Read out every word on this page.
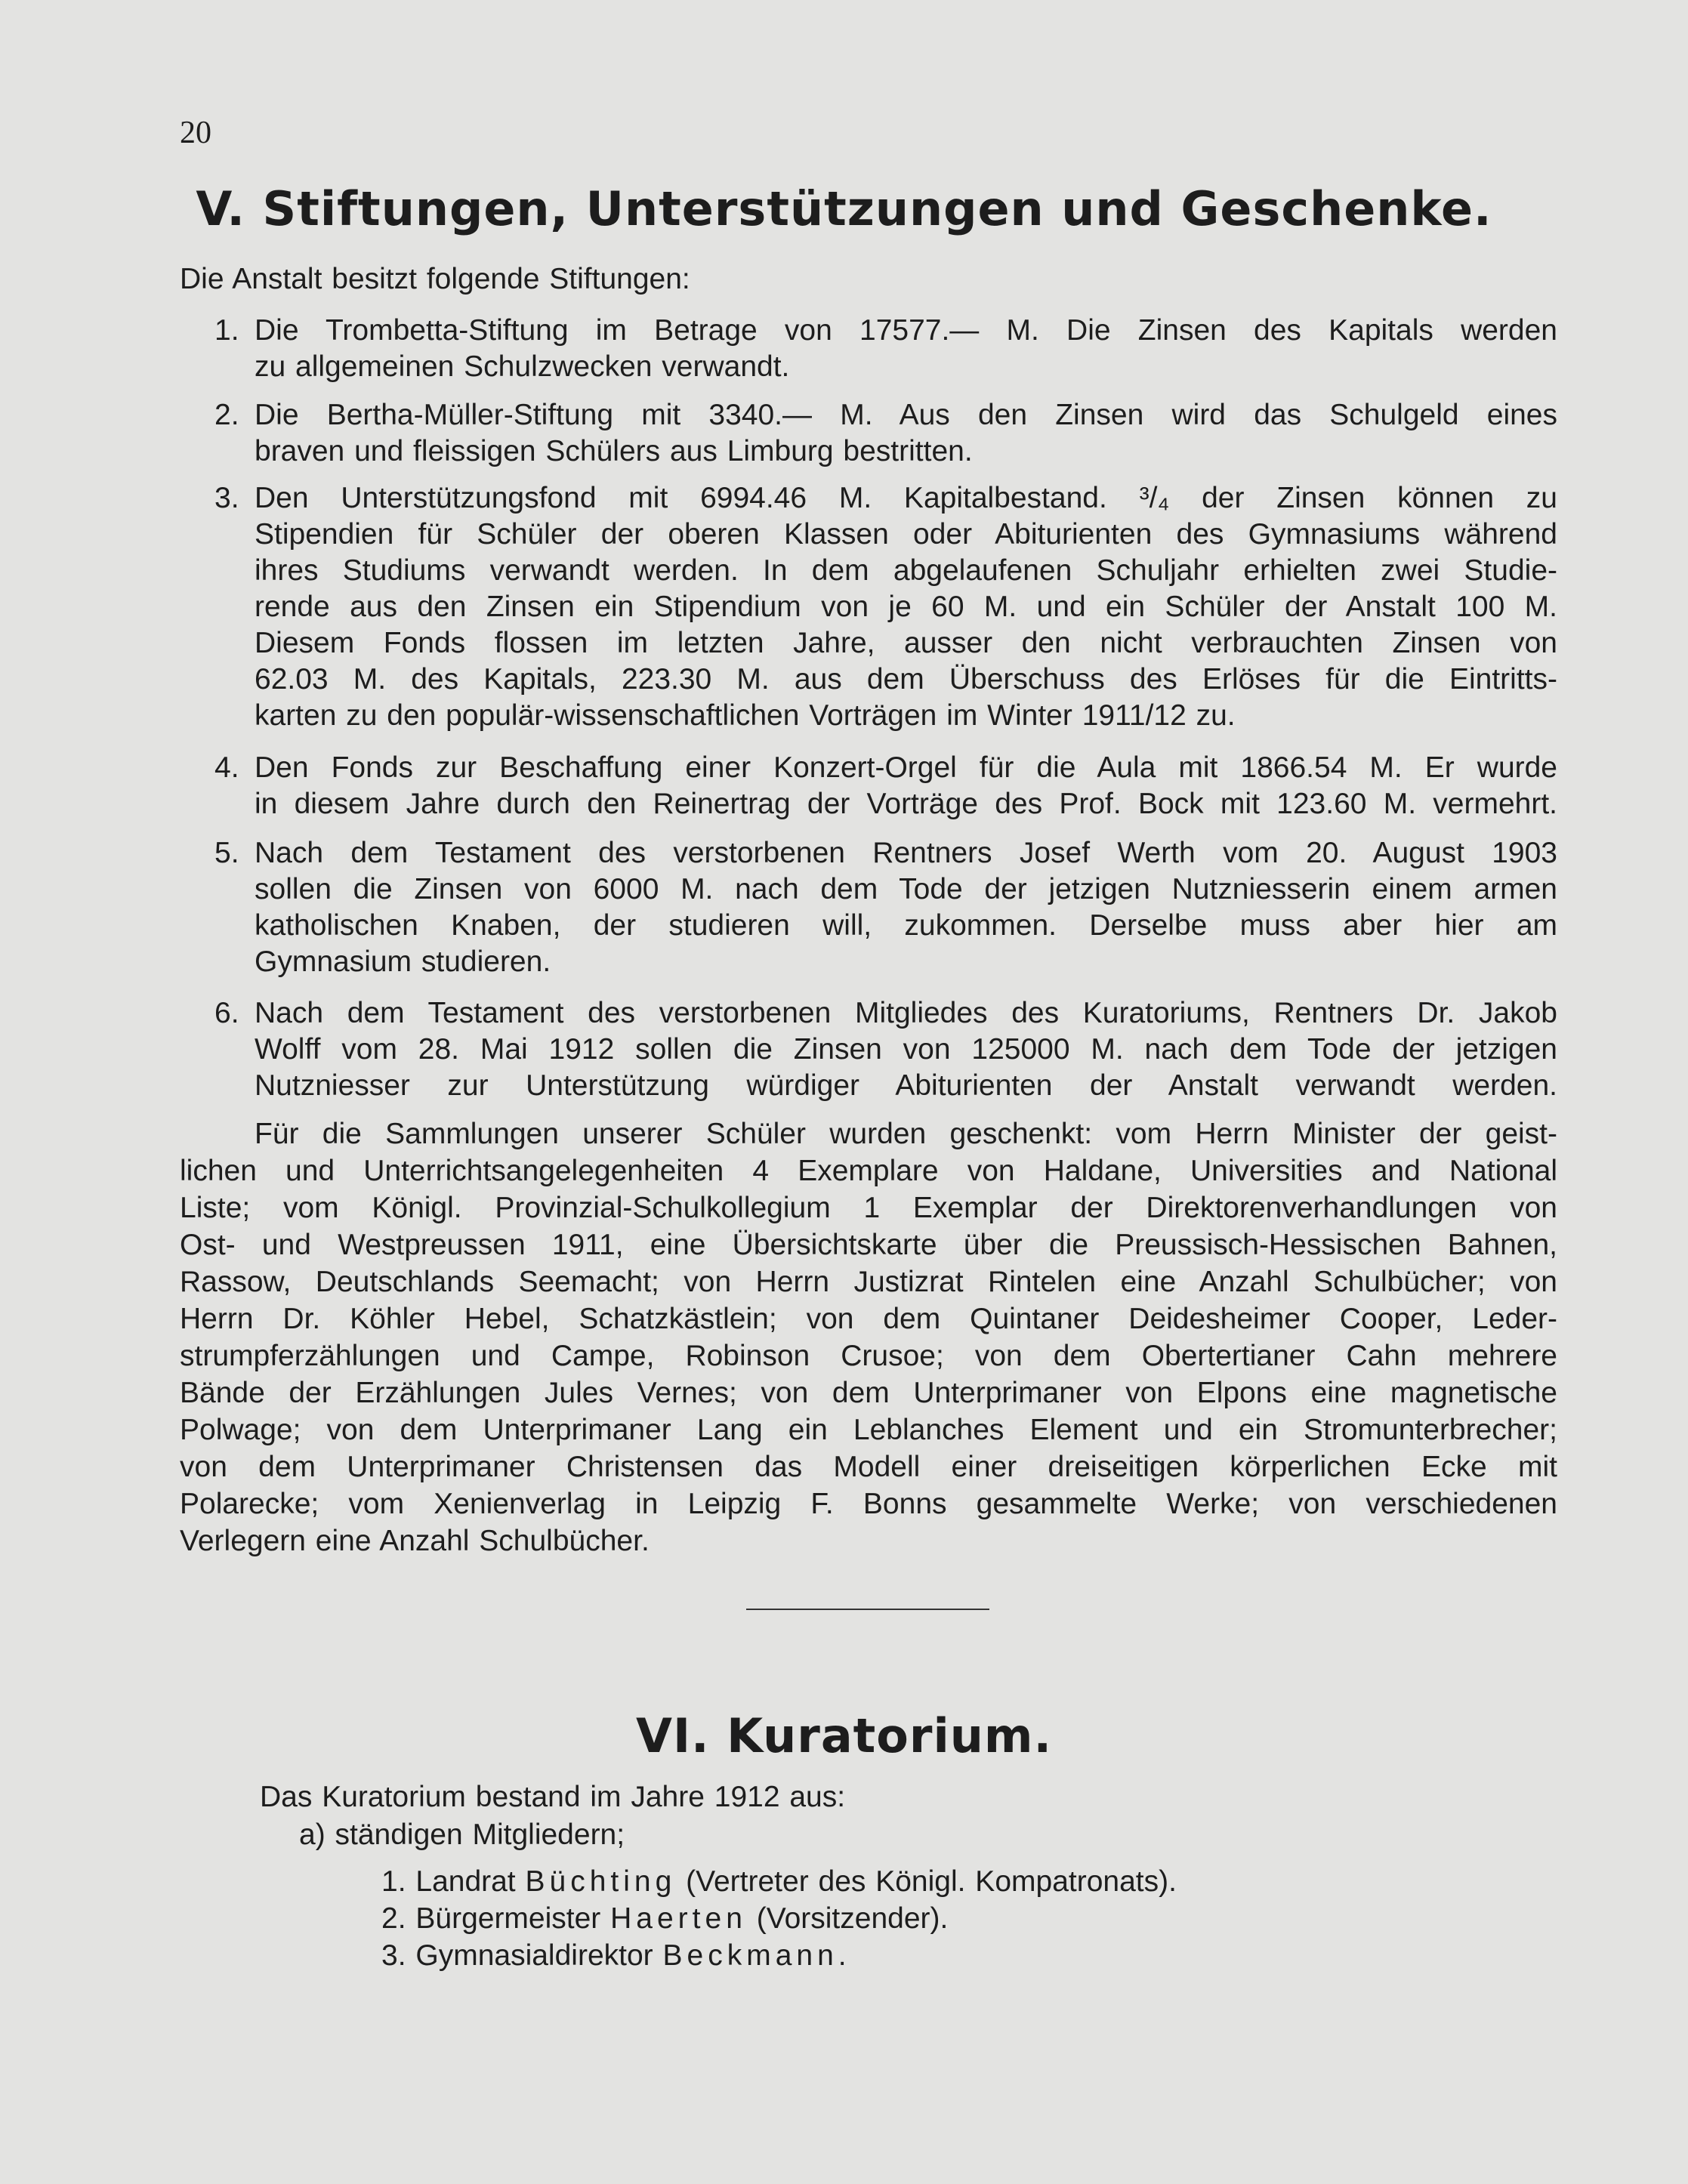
20
V. Stiftungen, Unterstützungen und Geschenke.
Die Anstalt besitzt folgende Stiftungen:
1. Die Trombetta-Stiftung im Betrage von 17577.— M. Die Zinsen des Kapitals werden
zu allgemeinen Schulzwecken verwandt.
2. Die Bertha-Müller-Stiftung mit 3340.— M. Aus den Zinsen wird das Schulgeld eines
braven und fleissigen Schülers aus Limburg bestritten.
3. Den Unterstützungsfond mit 6994.46 M. Kapitalbestand. ³/₄ der Zinsen können zu
Stipendien für Schüler der oberen Klassen oder Abiturienten des Gymnasiums während
ihres Studiums verwandt werden. In dem abgelaufenen Schuljahr erhielten zwei Studie-
rende aus den Zinsen ein Stipendium von je 60 M. und ein Schüler der Anstalt 100 M.
Diesem Fonds flossen im letzten Jahre, ausser den nicht verbrauchten Zinsen von
62.03 M. des Kapitals, 223.30 M. aus dem Überschuss des Erlöses für die Eintritts-
karten zu den populär-wissenschaftlichen Vorträgen im Winter 1911/12 zu.
4. Den Fonds zur Beschaffung einer Konzert-Orgel für die Aula mit 1866.54 M. Er wurde
in diesem Jahre durch den Reinertrag der Vorträge des Prof. Bock mit 123.60 M. vermehrt.
5. Nach dem Testament des verstorbenen Rentners Josef Werth vom 20. August 1903
sollen die Zinsen von 6000 M. nach dem Tode der jetzigen Nutzniesserin einem armen
katholischen Knaben, der studieren will, zukommen. Derselbe muss aber hier am
Gymnasium studieren.
6. Nach dem Testament des verstorbenen Mitgliedes des Kuratoriums, Rentners Dr. Jakob
Wolff vom 28. Mai 1912 sollen die Zinsen von 125000 M. nach dem Tode der jetzigen
Nutzniesser zur Unterstützung würdiger Abiturienten der Anstalt verwandt werden.
Für die Sammlungen unserer Schüler wurden geschenkt: vom Herrn Minister der geist-
lichen und Unterrichtsangelegenheiten 4 Exemplare von Haldane, Universities and National
Liste; vom Königl. Provinzial-Schulkollegium 1 Exemplar der Direktorenverhandlungen von
Ost- und Westpreussen 1911, eine Übersichtskarte über die Preussisch-Hessischen Bahnen,
Rassow, Deutschlands Seemacht; von Herrn Justizrat Rintelen eine Anzahl Schulbücher; von
Herrn Dr. Köhler Hebel, Schatzkästlein; von dem Quintaner Deidesheimer Cooper, Leder-
strumpferzählungen und Campe, Robinson Crusoe; von dem Obertertianer Cahn mehrere
Bände der Erzählungen Jules Vernes; von dem Unterprimaner von Elpons eine magnetische
Polwage; von dem Unterprimaner Lang ein Leblanches Element und ein Stromunterbrecher;
von dem Unterprimaner Christensen das Modell einer dreiseitigen körperlichen Ecke mit
Polarecke; vom Xenienverlag in Leipzig F. Bonns gesammelte Werke; von verschiedenen
Verlegern eine Anzahl Schulbücher.
VI. Kuratorium.
Das Kuratorium bestand im Jahre 1912 aus:
a) ständigen Mitgliedern;
1. Landrat Büchting (Vertreter des Königl. Kompatronats).
2. Bürgermeister Haerten (Vorsitzender).
3. Gymnasialdirektor Beckmann.
